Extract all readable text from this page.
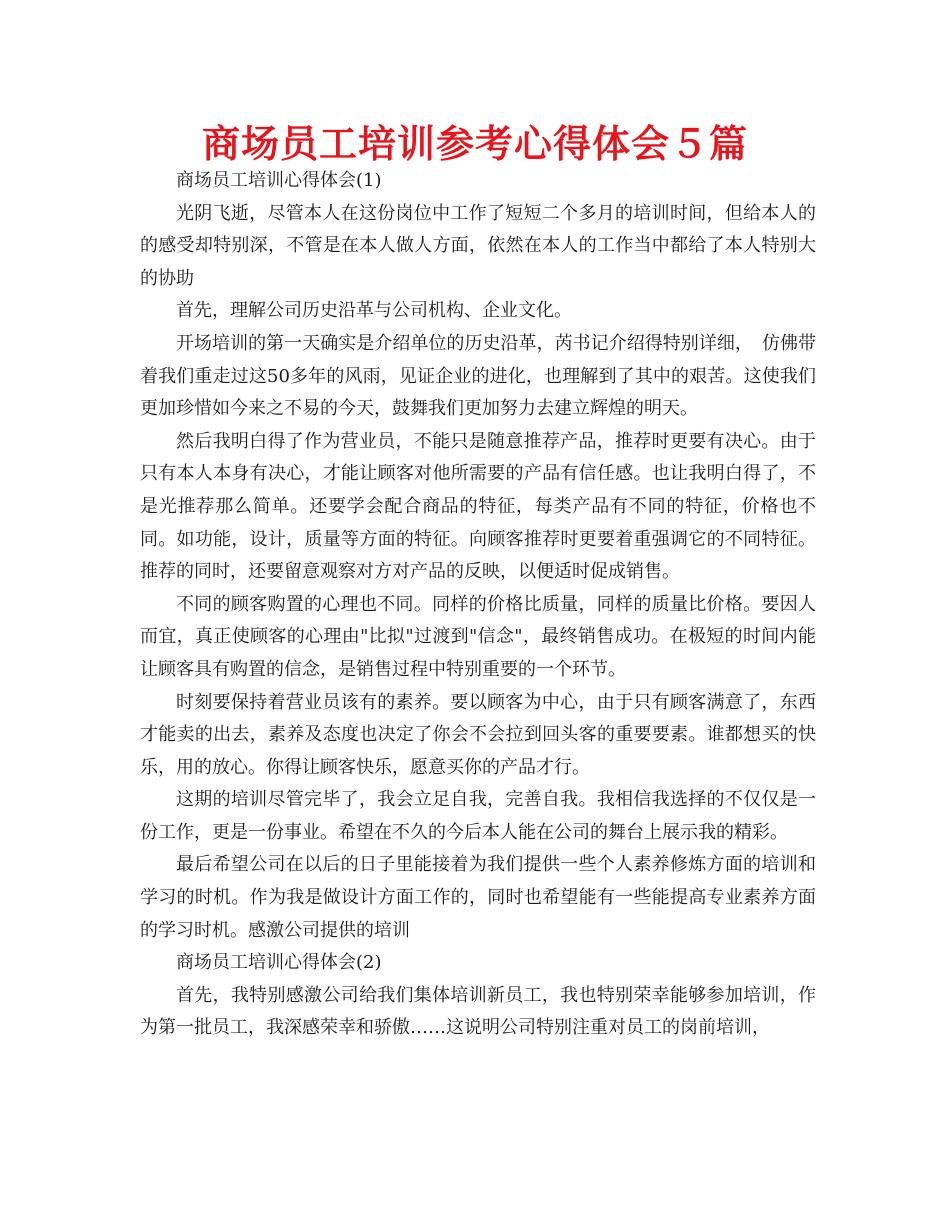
商场员工培训参考心得体会５篇

商场员工培训心得体会(1)

光阴飞逝，尽管本人在这份岗位中工作了短短二个多月的培训时间，但给本人的的感受却特别深，不管是在本人做人方面，依然在本人的工作当中都给了本人特别大的协助

首先，理解公司历史沿革与公司机构、企业文化。

开场培训的第一天确实是介绍单位的历史沿革，芮书记介绍得特别详细，　仿佛带着我们重走过这50多年的风雨，见证企业的进化，也理解到了其中的艰苦。这使我们更加珍惜如今来之不易的今天，鼓舞我们更加努力去建立辉煌的明天。

然后我明白得了作为营业员，不能只是随意推荐产品，推荐时更要有决心。由于只有本人本身有决心，才能让顾客对他所需要的产品有信任感。也让我明白得了，不是光推荐那么简单。还要学会配合商品的特征，每类产品有不同的特征，价格也不同。如功能，设计，质量等方面的特征。向顾客推荐时更要着重强调它的不同特征。推荐的同时，还要留意观察对方对产品的反映，以便适时促成销售。

不同的顾客购置的心理也不同。同样的价格比质量，同样的质量比价格。要因人而宜，真正使顾客的心理由"比拟"过渡到"信念"，最终销售成功。在极短的时间内能让顾客具有购置的信念，是销售过程中特别重要的一个环节。

时刻要保持着营业员该有的素养。要以顾客为中心，由于只有顾客满意了，东西才能卖的出去，素养及态度也决定了你会不会拉到回头客的重要要素。谁都想买的快乐，用的放心。你得让顾客快乐，愿意买你的产品才行。

这期的培训尽管完毕了，我会立足自我，完善自我。我相信我选择的不仅仅是一份工作，更是一份事业。希望在不久的今后本人能在公司的舞台上展示我的精彩。

最后希望公司在以后的日子里能接着为我们提供一些个人素养修炼方面的培训和学习的时机。作为我是做设计方面工作的，同时也希望能有一些能提高专业素养方面的学习时机。感激公司提供的培训

商场员工培训心得体会(2)

首先，我特别感激公司给我们集体培训新员工，我也特别荣幸能够参加培训，作为第一批员工，我深感荣幸和骄傲……这说明公司特别注重对员工的岗前培训，
